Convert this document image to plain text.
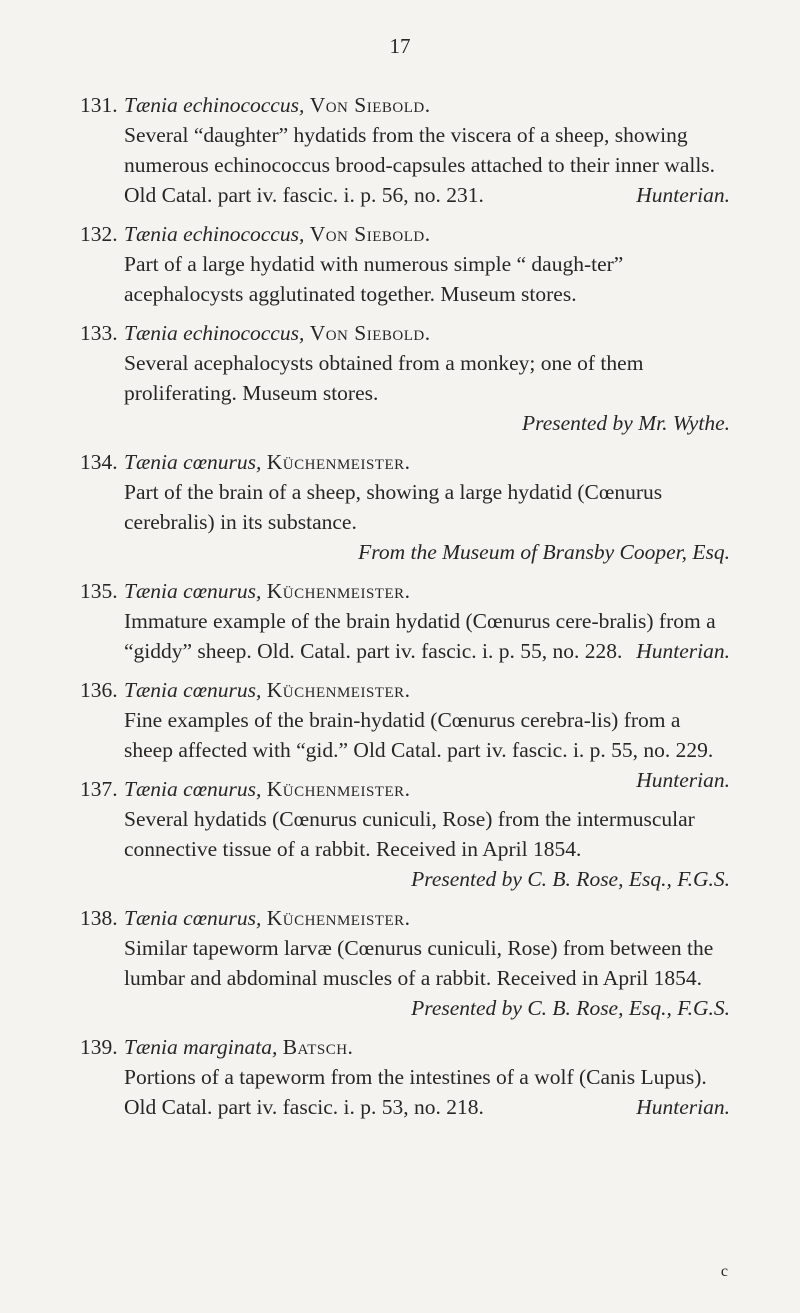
17
131. Tænia echinococcus, Von Siebold.
Several “daughter” hydatids from the viscera of a sheep, showing numerous echinococcus brood-capsules attached to their inner walls. Old Catal. part iv. fascic. i. p. 56, no. 231.	Hunterian.
132. Tænia echinococcus, Von Siebold.
Part of a large hydatid with numerous simple “ daugh-ter” acephalocysts agglutinated together. Museum stores.
133. Tænia echinococcus, Von Siebold.
Several acephalocysts obtained from a monkey; one of them proliferating. Museum stores.
Presented by Mr. Wythe.
134. Tænia cœnurus, Küchenmeister.
Part of the brain of a sheep, showing a large hydatid (Cœnurus cerebralis) in its substance.
From the Museum of Bransby Cooper, Esq.
135. Tænia cœnurus, Küchenmeister.
Immature example of the brain hydatid (Cœnurus cere-bralis) from a “giddy” sheep. Old. Catal. part iv. fascic. i. p. 55, no. 228. Hunterian.
136. Tænia cœnurus, Küchenmeister.
Fine examples of the brain-hydatid (Cœnurus cerebra-lis) from a sheep affected with “gid.” Old Catal. part iv. fascic. i. p. 55, no. 229.
Hunterian.
137. Tænia cœnurus, Küchenmeister.
Several hydatids (Cœnurus cuniculi, Rose) from the intermuscular connective tissue of a rabbit. Received in April 1854.
Presented by C. B. Rose, Esq., F.G.S.
138. Tænia cœnurus, Küchenmeister.
Similar tapeworm larvæ (Cœnurus cuniculi, Rose) from between the lumbar and abdominal muscles of a rabbit. Received in April 1854.
Presented by C. B. Rose, Esq., F.G.S.
139. Tænia marginata, Batsch.
Portions of a tapeworm from the intestines of a wolf (Canis Lupus). Old Catal. part iv. fascic. i. p. 53, no. 218.	Hunterian.
c
